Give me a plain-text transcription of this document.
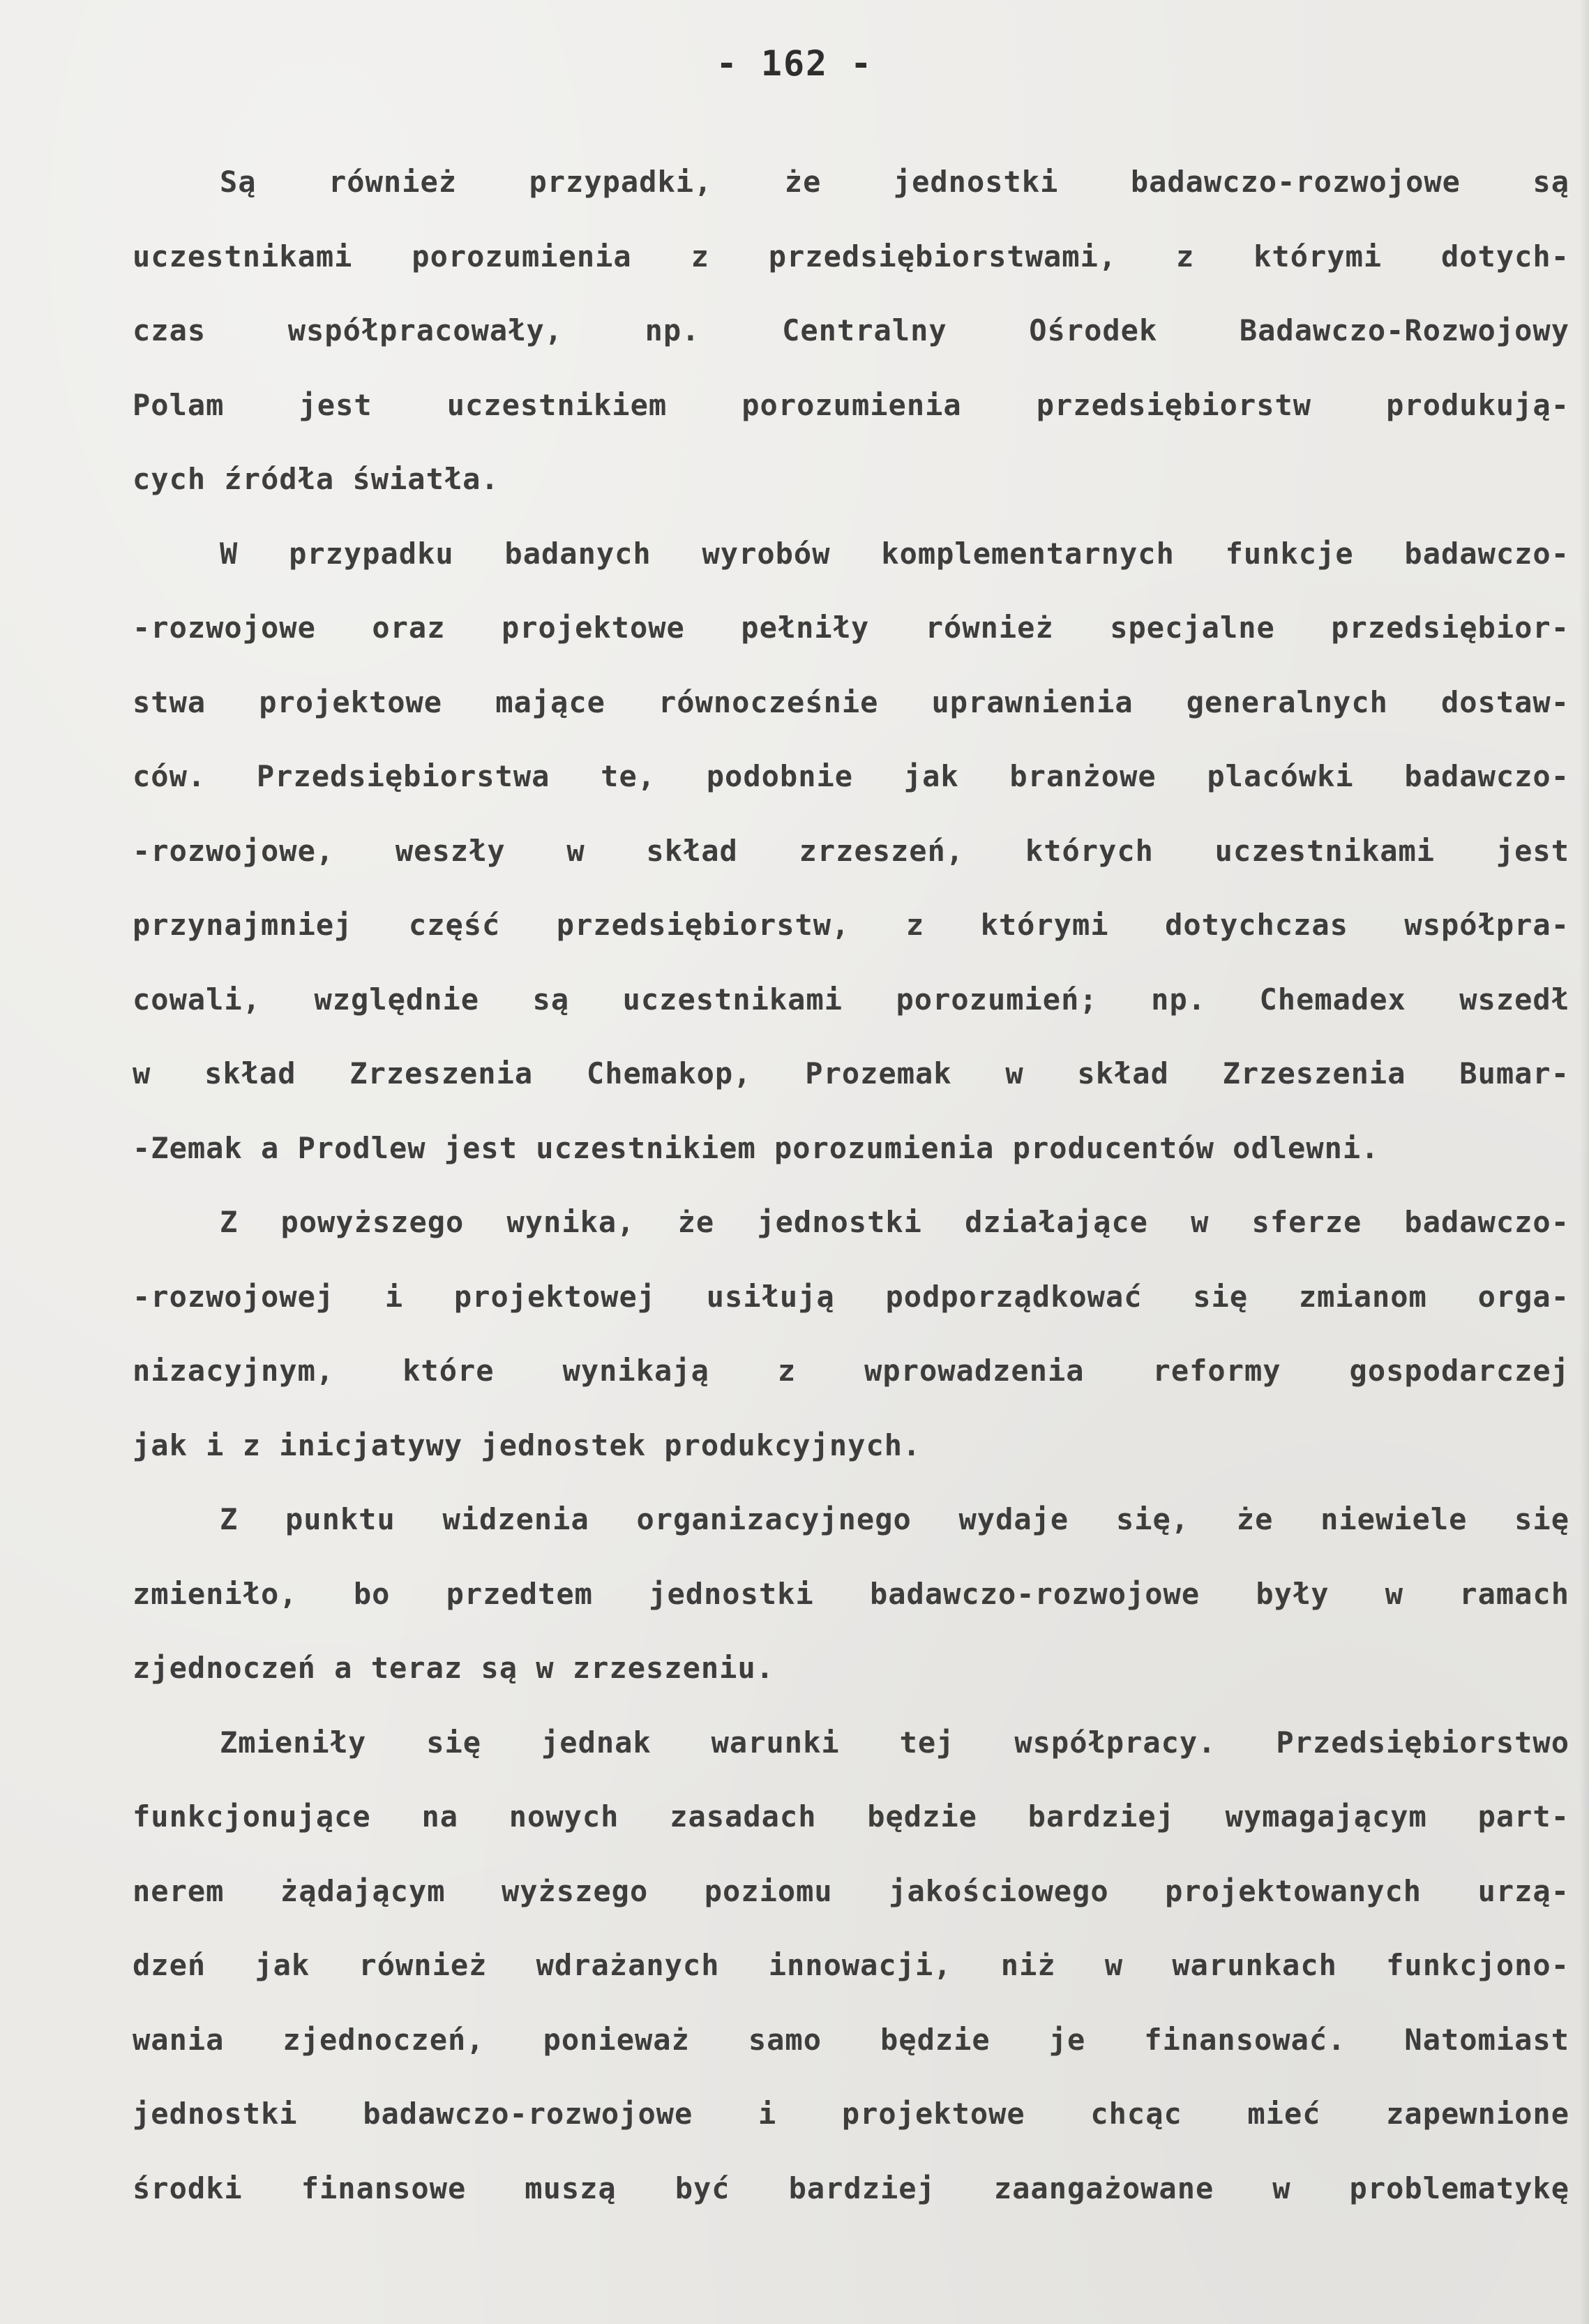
- 162 -
Są również przypadki, że jednostki badawczo-rozwojowe są
uczestnikami porozumienia z przedsiębiorstwami, z którymi dotych-
czas współpracowały, np. Centralny Ośrodek Badawczo-Rozwojowy
Polam jest uczestnikiem porozumienia przedsiębiorstw produkują-
cych źródła światła.
W przypadku badanych wyrobów komplementarnych funkcje badawczo-
-rozwojowe oraz projektowe pełniły również specjalne przedsiębior-
stwa projektowe mające równocześnie uprawnienia generalnych dostaw-
ców. Przedsiębiorstwa te, podobnie jak branżowe placówki badawczo-
-rozwojowe, weszły w skład zrzeszeń, których uczestnikami jest
przynajmniej część przedsiębiorstw, z którymi dotychczas współpra-
cowali, względnie są uczestnikami porozumień; np. Chemadex wszedł
w skład Zrzeszenia Chemakop, Prozemak w skład Zrzeszenia Bumar-
-Zemak a Prodlew jest uczestnikiem porozumienia producentów odlewni.
Z powyższego wynika, że jednostki działające w sferze badawczo-
-rozwojowej i projektowej usiłują podporządkować się zmianom orga-
nizacyjnym, które wynikają z wprowadzenia reformy gospodarczej
jak i z inicjatywy jednostek produkcyjnych.
Z punktu widzenia organizacyjnego wydaje się, że niewiele się
zmieniło, bo przedtem jednostki badawczo-rozwojowe były w ramach
zjednoczeń a teraz są w zrzeszeniu.
Zmieniły się jednak warunki tej współpracy. Przedsiębiorstwo
funkcjonujące na nowych zasadach będzie bardziej wymagającym part-
nerem żądającym wyższego poziomu jakościowego projektowanych urzą-
dzeń jak również wdrażanych innowacji, niż w warunkach funkcjono-
wania zjednoczeń, ponieważ samo będzie je finansować. Natomiast
jednostki badawczo-rozwojowe i projektowe chcąc mieć zapewnione
środki finansowe muszą być bardziej zaangażowane w problematykę
